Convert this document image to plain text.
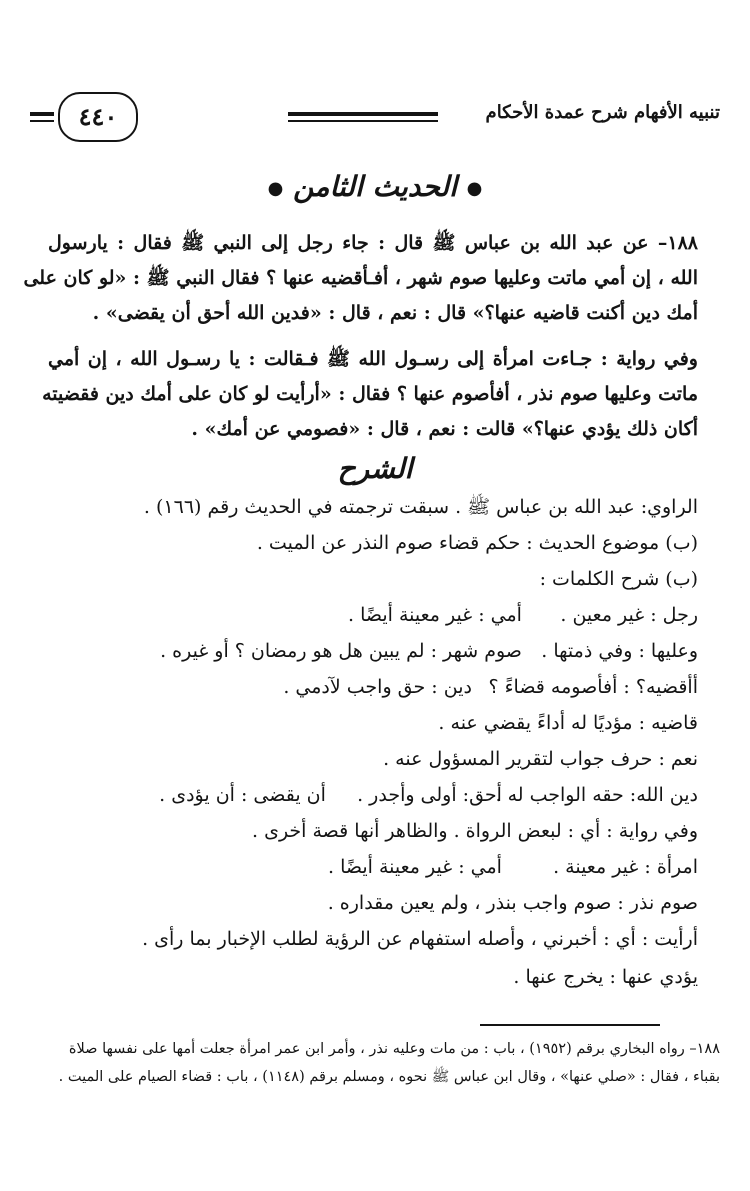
تنبيه الأفهام شرح عمدة الأحكام
٤٤٠
● الحديث الثامن ●
١٨٨– عن عبد الله بن عباس ﷺ قال : جاء رجل إلى النبي ﷺ فقال : يارسول
الله ، إن أمي ماتت وعليها صوم شهر ، أفـأقضيه عنها ؟ فقال النبي ﷺ : «لو كان على
أمك دين أكنت قاضيه عنها؟» قال : نعم ، قال : «فدين الله أحق أن يقضى» .
وفي رواية : جـاءت امرأة إلى رسـول الله ﷺ فـقالت : يا رسـول الله ، إن أمي
ماتت وعليها صوم نذر ، أفأصوم عنها ؟ فقال : «أرأيت لو كان على أمك دين فقضيته
أكان ذلك يؤدي عنها؟» قالت : نعم ، قال : «فصومي عن أمك» .
الشرح
الراوي: عبد الله بن عباس ﷺ . سبقت ترجمته في الحديث رقم (١٦٦) .
(ب) موضوع الحديث : حكم قضاء صوم النذر عن الميت .
(ب) شرح الكلمات :
رجل : غير معين . أمي : غير معينة أيضًا .
وعليها : وفي ذمتها . صوم شهر : لم يبين هل هو رمضان ؟ أو غيره .
أأقضيه؟ : أفأصومه قضاءً ؟ دين : حق واجب لآدمي .
قاضيه : مؤديًا له أداءً يقضي عنه .
نعم : حرف جواب لتقرير المسؤول عنه .
دين الله: حقه الواجب له . أحق: أولى وأجدر . أن يقضى : أن يؤدى .
وفي رواية : أي : لبعض الرواة . والظاهر أنها قصة أخرى .
امرأة : غير معينة . أمي : غير معينة أيضًا .
صوم نذر : صوم واجب بنذر ، ولم يعين مقداره .
أرأيت : أي : أخبرني ، وأصله استفهام عن الرؤية لطلب الإخبار بما رأى .
يؤدي عنها : يخرج عنها .
١٨٨– رواه البخاري برقم (١٩٥٢) ، باب : من مات وعليه نذر ، وأمر ابن عمر امرأة جعلت أمها على نفسها صلاة
بقباء ، فقال : «صلي عنها» ، وقال ابن عباس ﷺ نحوه ، ومسلم برقم (١١٤٨) ، باب : قضاء الصيام على الميت .
